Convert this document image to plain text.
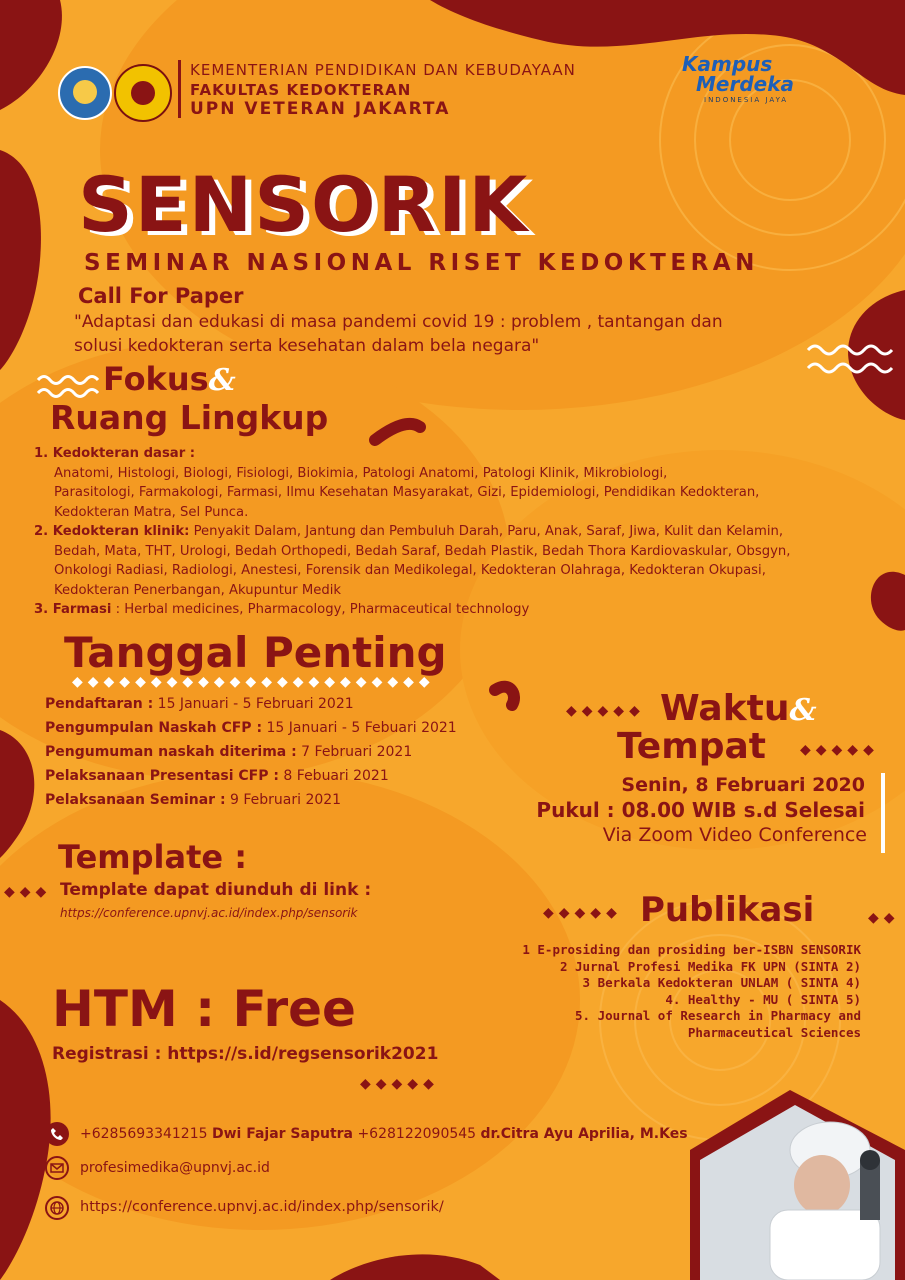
KEMENTERIAN PENDIDIKAN DAN KEBUDAYAAN
FAKULTAS KEDOKTERAN
UPN VETERAN JAKARTA
Kampus
Merdeka
INDONESIA JAYA
SENSORIK
SEMINAR NASIONAL RISET KEDOKTERAN
Call For Paper
"Adaptasi dan edukasi di masa pandemi covid 19 : problem , tantangan dan
solusi kedokteran serta kesehatan dalam bela negara"
Fokus&
Ruang Lingkup
1. Kedokteran dasar :
Anatomi, Histologi, Biologi, Fisiologi, Biokimia, Patologi Anatomi, Patologi Klinik, Mikrobiologi,
Parasitologi, Farmakologi, Farmasi, Ilmu Kesehatan Masyarakat, Gizi, Epidemiologi, Pendidikan Kedokteran,
Kedokteran Matra, Sel Punca.
2. Kedokteran klinik: Penyakit Dalam, Jantung dan Pembuluh Darah, Paru, Anak, Saraf, Jiwa, Kulit dan Kelamin,
Bedah, Mata, THT, Urologi, Bedah Orthopedi, Bedah Saraf, Bedah Plastik, Bedah Thora Kardiovaskular, Obsgyn,
Onkologi Radiasi, Radiologi, Anestesi, Forensik dan Medikolegal, Kedokteran Olahraga, Kedokteran Okupasi,
Kedokteran Penerbangan, Akupuntur Medik
3. Farmasi : Herbal medicines, Pharmacology, Pharmaceutical technology
Tanggal Penting
◆◆◆◆◆◆◆◆◆◆◆◆◆◆◆◆◆◆◆◆◆◆◆
Pendaftaran : 15 Januari - 5 Februari 2021
Pengumpulan Naskah CFP : 15 Januari - 5 Febuari 2021
Pengumuman naskah diterima : 7 Februari 2021
Pelaksanaan Presentasi CFP : 8 Febuari 2021
Pelaksanaan Seminar : 9 Februari 2021
◆◆◆◆◆ Waktu&
Tempat ◆◆◆◆◆
Senin, 8 Februari 2020
Pukul : 08.00 WIB s.d Selesai
Via Zoom Video Conference
Template :
◆◆◆ Template dapat diunduh di link :
https://conference.upnvj.ac.id/index.php/sensorik	◆◆◆◆◆ Publikasi	◆◆
1 E-prosiding dan prosiding ber-ISBN SENSORIK
2 Jurnal Profesi Medika FK UPN (SINTA 2)
3 Berkala Kedokteran UNLAM ( SINTA 4)
4. Healthy - MU ( SINTA 5)
5. Journal of Research in Pharmacy and
Pharmaceutical Sciences
HTM : Free
Registrasi : https://s.id/regsensorik2021
◆◆◆◆◆
+6285693341215 Dwi Fajar Saputra +628122090545 dr.Citra Ayu Aprilia, M.Kes
profesimedika@upnvj.ac.id
https://conference.upnvj.ac.id/index.php/sensorik/
